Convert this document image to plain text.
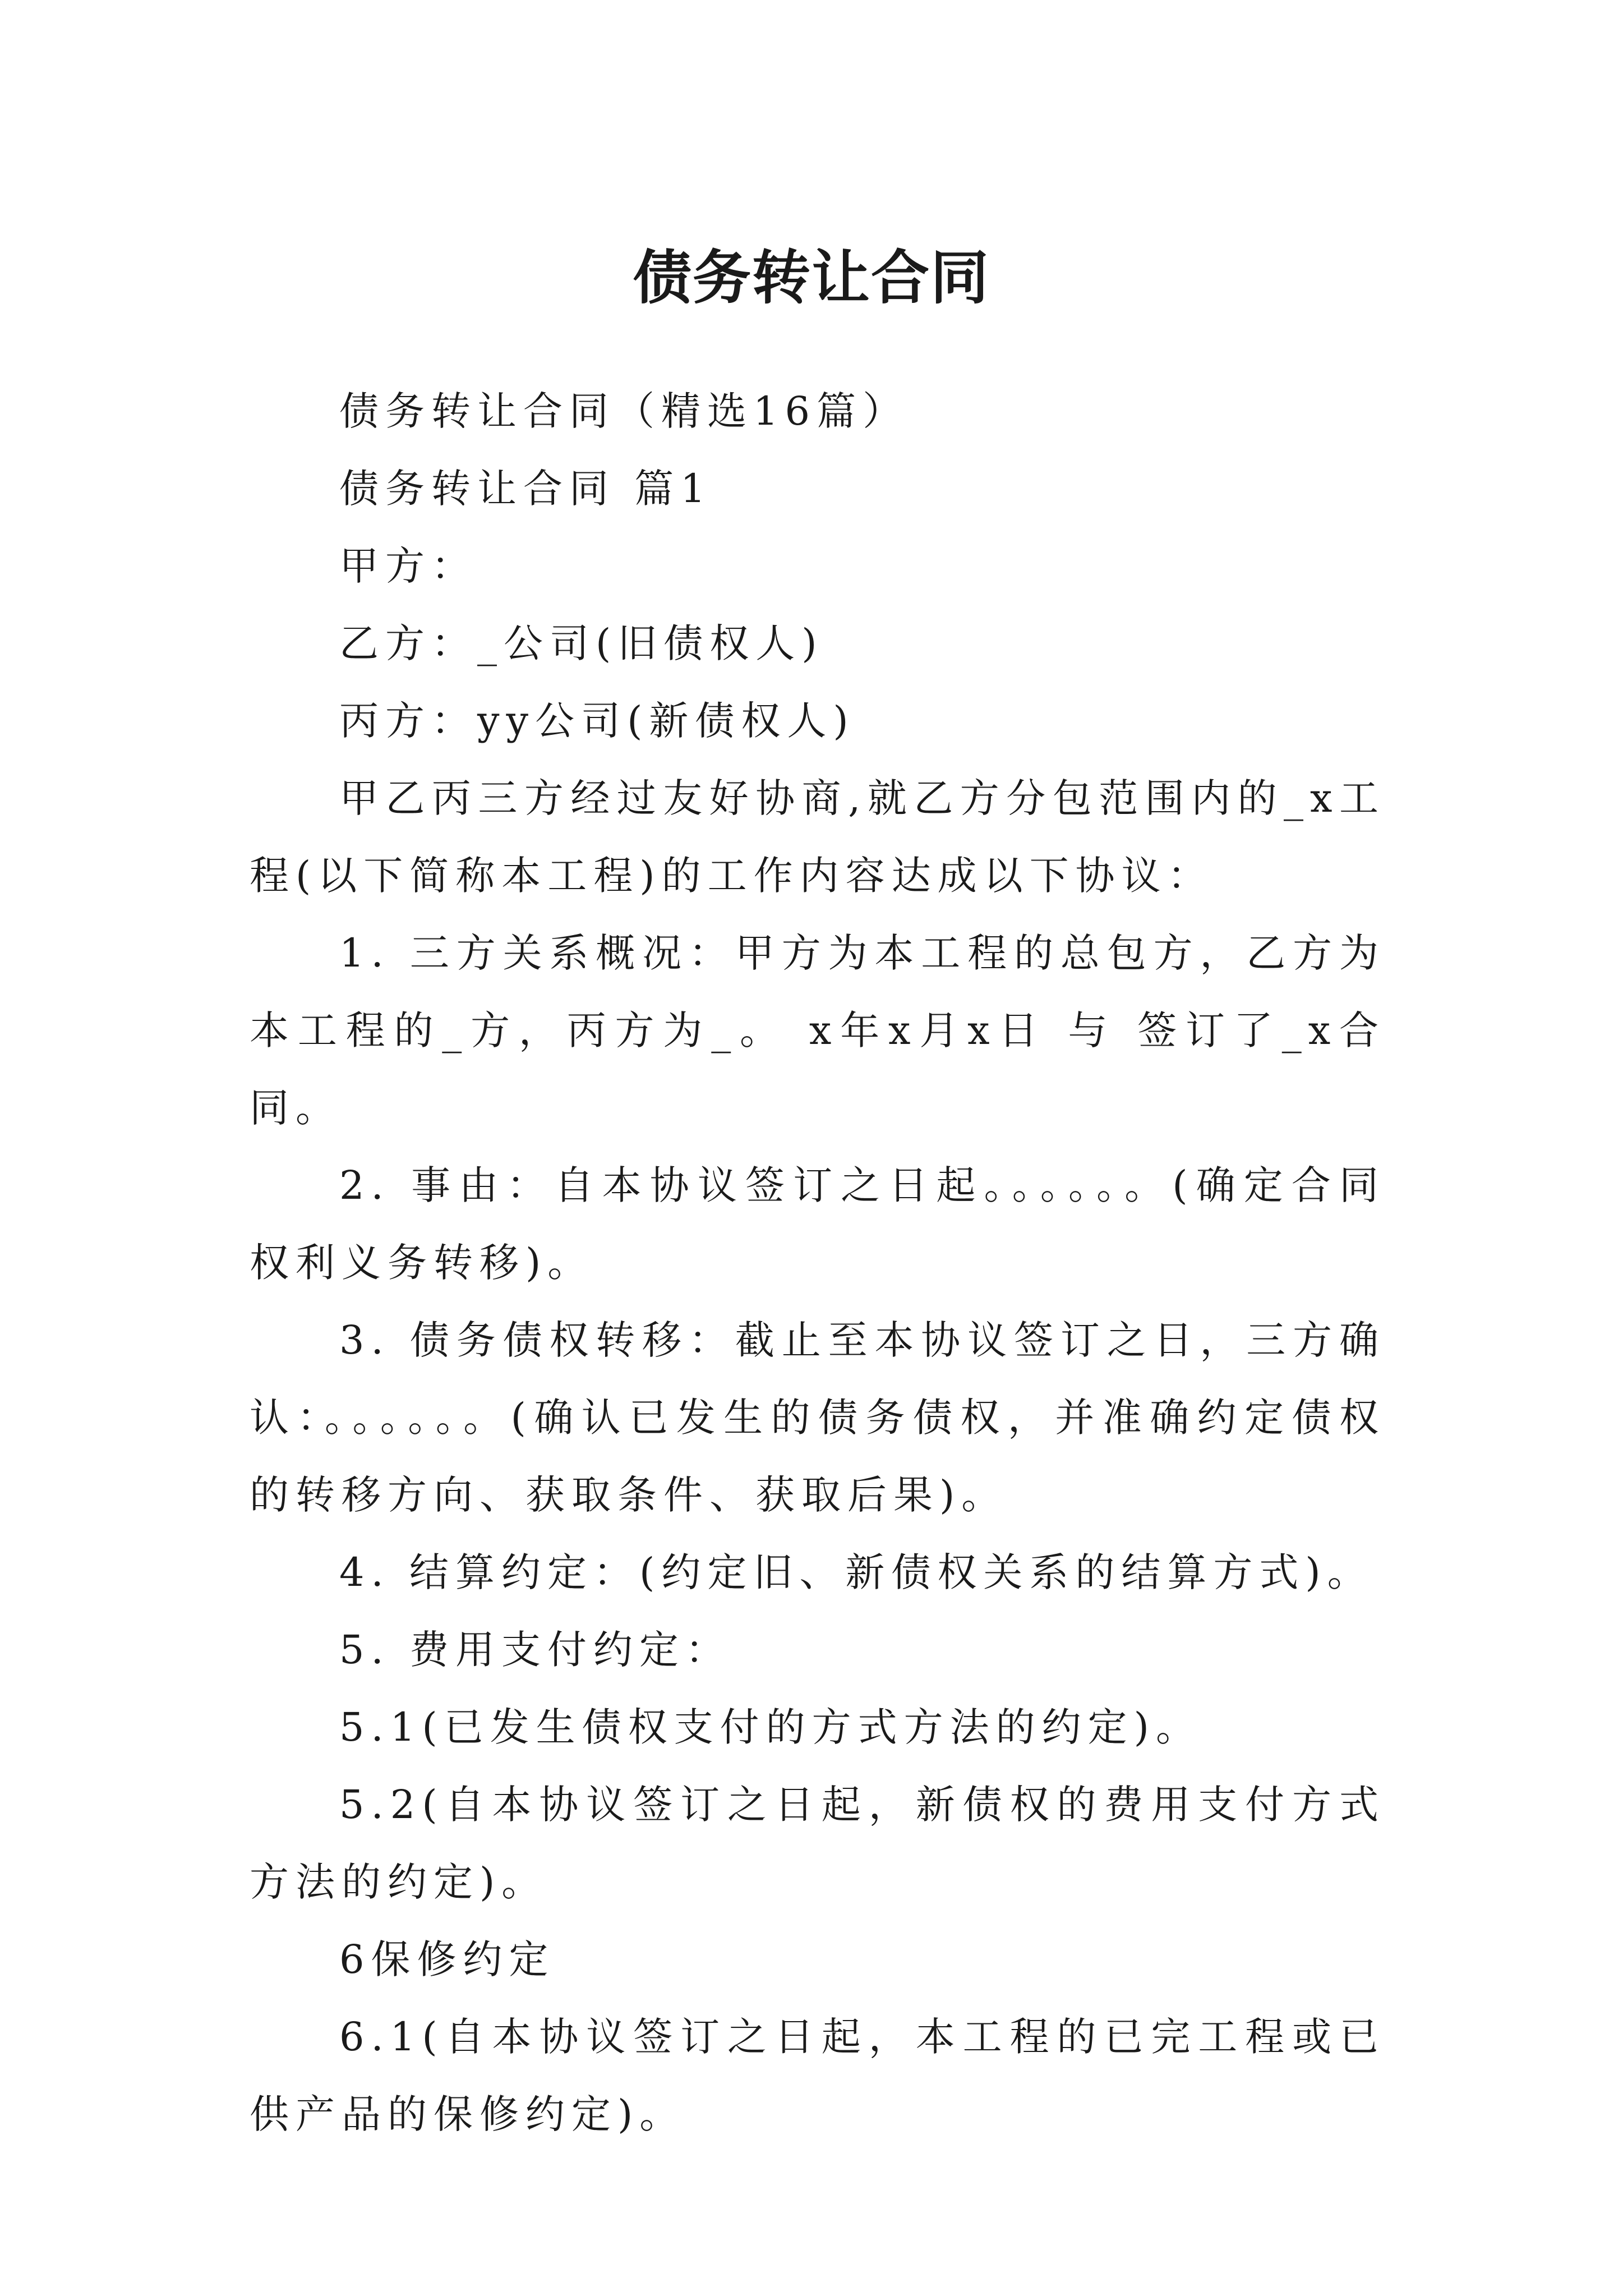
债务转让合同

债务转让合同（精选16篇）

债务转让合同 篇1

甲方：

乙方：_公司(旧债权人)

丙方：yy公司(新债权人)

甲乙丙三方经过友好协商,就乙方分包范围内的_x工程(以下简称本工程)的工作内容达成以下协议：

1. 三方关系概况：甲方为本工程的总包方，乙方为本工程的_方，丙方为_。 x年x月x日 与 签订了_x合同。

2. 事由：自本协议签订之日起。。。。。。(确定合同权利义务转移)。

3. 债务债权转移：截止至本协议签订之日，三方确认：。。。。。。(确认已发生的债务债权，并准确约定债权的转移方向、获取条件、获取后果)。

4. 结算约定：(约定旧、新债权关系的结算方式)。

5. 费用支付约定：

5.1(已发生债权支付的方式方法的约定)。

5.2(自本协议签订之日起，新债权的费用支付方式方法的约定)。

6保修约定

6.1(自本协议签订之日起，本工程的已完工程或已供产品的保修约定)。
